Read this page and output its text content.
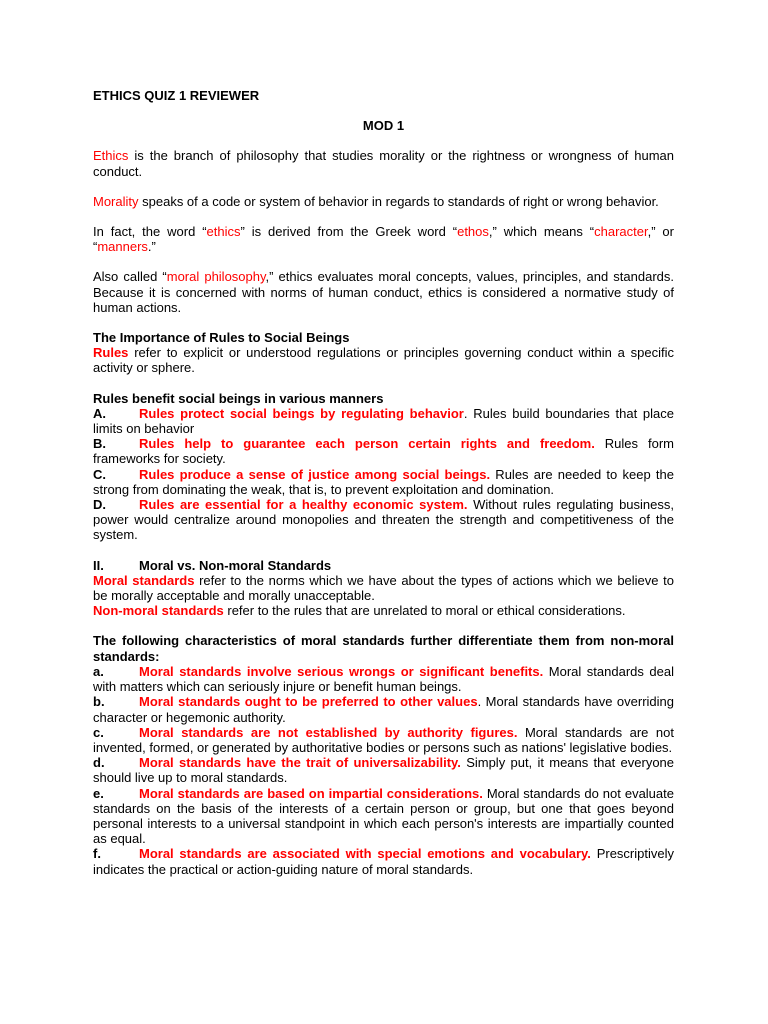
ETHICS QUIZ 1 REVIEWER

MOD 1

Ethics is the branch of philosophy that studies morality or the rightness or wrongness of human conduct.

Morality speaks of a code or system of behavior in regards to standards of right or wrong behavior.

In fact, the word “ethics” is derived from the Greek word “ethos,” which means “character,” or “manners.”

Also called “moral philosophy,” ethics evaluates moral concepts, values, principles, and standards. Because it is concerned with norms of human conduct, ethics is considered a normative study of human actions.

The Importance of Rules to Social Beings

Rules refer to explicit or understood regulations or principles governing conduct within a specific activity or sphere.

Rules benefit social beings in various manners

A.	Rules protect social beings by regulating behavior. Rules build boundaries that place limits on behavior

B.	Rules help to guarantee each person certain rights and freedom. Rules form frameworks for society.

C.	Rules produce a sense of justice among social beings. Rules are needed to keep the strong from dominating the weak, that is, to prevent exploitation and domination.

D.	Rules are essential for a healthy economic system. Without rules regulating business, power would centralize around monopolies and threaten the strength and competitiveness of the system.

II.	Moral vs. Non-moral Standards

Moral standards refer to the norms which we have about the types of actions which we believe to be morally acceptable and morally unacceptable.

Non-moral standards refer to the rules that are unrelated to moral or ethical considerations.

The following characteristics of moral standards further differentiate them from non-moral standards:

a.	Moral standards involve serious wrongs or significant benefits. Moral standards deal with matters which can seriously injure or benefit human beings.

b.	Moral standards ought to be preferred to other values. Moral standards have overriding character or hegemonic authority.

c.	Moral standards are not established by authority figures. Moral standards are not invented, formed, or generated by authoritative bodies or persons such as nations' legislative bodies.

d.	Moral standards have the trait of universalizability. Simply put, it means that everyone should live up to moral standards.

e.	Moral standards are based on impartial considerations. Moral standards do not evaluate standards on the basis of the interests of a certain person or group, but one that goes beyond personal interests to a universal standpoint in which each person's interests are impartially counted as equal.

f.	Moral standards are associated with special emotions and vocabulary. Prescriptively indicates the practical or action-guiding nature of moral standards.
